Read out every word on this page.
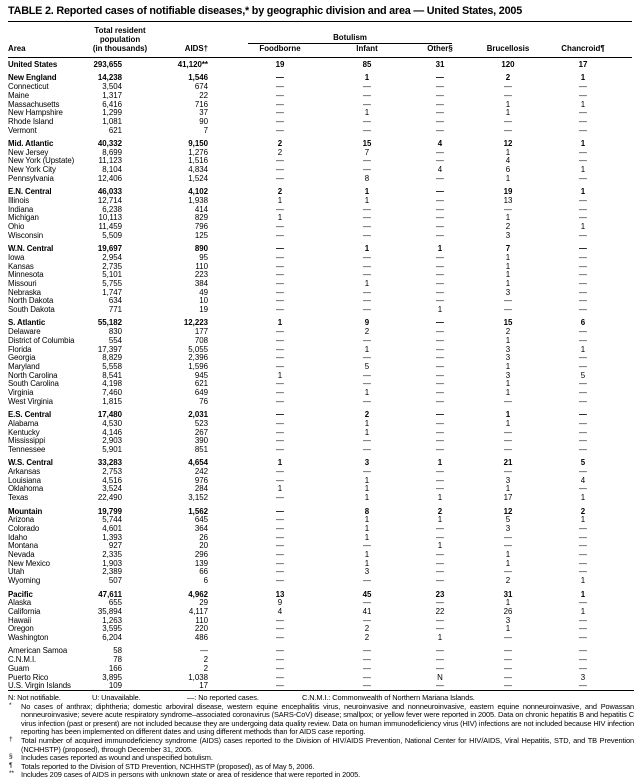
TABLE 2. Reported cases of notifiable diseases,* by geographic division and area — United States, 2005
Total resident
population
(in thousands)
Botulism
Area	AIDS†	Foodborne	Infant	Other§	Brucellosis	Chancroid¶
United States	293,655	41,120**	19	85	31	120	17
New England	14,238	1,546	—	1	—	2	1
Connecticut	3,504	674	—	—	—	—	—
Maine	1,317	22	—	—	—	—	—
Massachusetts	6,416	716	—	—	—	1	1
New Hampshire	1,299	37	—	1	—	1	—
Rhode Island	1,081	90	—	—	—	—	—
Vermont	621	7	—	—	—	—	—
Mid. Atlantic	40,332	9,150	2	15	4	12	1
New Jersey	8,699	1,276	2	7	—	1	—
New York (Upstate)	11,123	1,516	—	—	—	4	—
New York City	8,104	4,834	—	—	4	6	1
Pennsylvania	12,406	1,524	—	8	—	1	—
E.N. Central	46,033	4,102	2	1	—	19	1
Illinois	12,714	1,938	1	1	—	13	—
Indiana	6,238	414	—	—	—	—	—
Michigan	10,113	829	1	—	—	1	—
Ohio	11,459	796	—	—	—	2	1
Wisconsin	5,509	125	—	—	—	3	—
W.N. Central	19,697	890	—	1	1	7	—
Iowa	2,954	95	—	—	—	1	—
Kansas	2,735	110	—	—	—	1	—
Minnesota	5,101	223	—	—	—	1	—
Missouri	5,755	384	—	1	—	1	—
Nebraska	1,747	49	—	—	—	3	—
North Dakota	634	10	—	—	—	—	—
South Dakota	771	19	—	—	1	—	—
S. Atlantic	55,182	12,223	1	9	—	15	6
Delaware	830	177	—	2	—	2	—
District of Columbia	554	708	—	—	—	1	—
Florida	17,397	5,055	—	1	—	3	1
Georgia	8,829	2,396	—	—	—	3	—
Maryland	5,558	1,596	—	5	—	1	—
North Carolina	8,541	945	1	—	—	3	5
South Carolina	4,198	621	—	—	—	1	—
Virginia	7,460	649	—	1	—	1	—
West Virginia	1,815	76	—	—	—	—	—
E.S. Central	17,480	2,031	—	2	—	1	—
Alabama	4,530	523	—	1	—	1	—
Kentucky	4,146	267	—	1	—	—	—
Mississippi	2,903	390	—	—	—	—	—
Tennessee	5,901	851	—	—	—	—	—
W.S. Central	33,283	4,654	1	3	1	21	5
Arkansas	2,753	242	—	—	—	—	—
Louisiana	4,516	976	—	1	—	3	4
Oklahoma	3,524	284	1	1	—	1	—
Texas	22,490	3,152	—	1	1	17	1
Mountain	19,799	1,562	—	8	2	12	2
Arizona	5,744	645	—	1	1	5	1
Colorado	4,601	364	—	1	—	3	—
Idaho	1,393	26	—	1	—	—	—
Montana	927	20	—	—	1	—	—
Nevada	2,335	296	—	1	—	1	—
New Mexico	1,903	139	—	1	—	1	—
Utah	2,389	66	—	3	—	—	—
Wyoming	507	6	—	—	—	2	1
Pacific	47,611	4,962	13	45	23	31	1
Alaska	655	29	9	—	—	1	—
California	35,894	4,117	4	41	22	26	1
Hawaii	1,263	110	—	—	—	3	—
Oregon	3,595	220	—	2	—	1	—
Washington	6,204	486	—	2	1	—	—
American Samoa	58	—	—	—	—	—	—
C.N.M.I.	78	2	—	—	—	—	—
Guam	166	2	—	—	—	—	—
Puerto Rico	3,895	1,038	—	—	N	—	3
U.S. Virgin Islands	109	17	—	—	—	—	—
N: Not notifiable.	U: Unavailable.	—: No reported cases.	C.N.M.I.: Commonwealth of Northern Mariana Islands.
* No cases of anthrax; diphtheria; domestic arboviral disease, western equine encephalitis virus, neuroinvasive and nonneuroinvasive, eastern equine nonneuroinvasive, and Powassan nonneuroinvasive; severe acute respiratory syndrome–associated coronavirus (SARS-CoV) disease; smallpox; or yellow fever were reported in 2005. Data on chronic hepatitis B and hepatitis C virus infection (past or present) are not included because they are undergoing data quality review. Data on human immunodeficiency virus (HIV) infections are not included because HIV infection reporting has been implemented on different dates and using different methods than for AIDS case reporting.
† Total number of acquired immunodeficiency syndrome (AIDS) cases reported to the Division of HIV/AIDS Prevention, National Center for HIV/AIDS, Viral Hepatitis, STD, and TB Prevention (NCHHSTP) (proposed), through December 31, 2005.
§ Includes cases reported as wound and unspecified botulism.
¶ Totals reported to the Division of STD Prevention, NCHHSTP (proposed), as of May 5, 2006.
** Includes 209 cases of AIDS in persons with unknown state or area of residence that were reported in 2005.
